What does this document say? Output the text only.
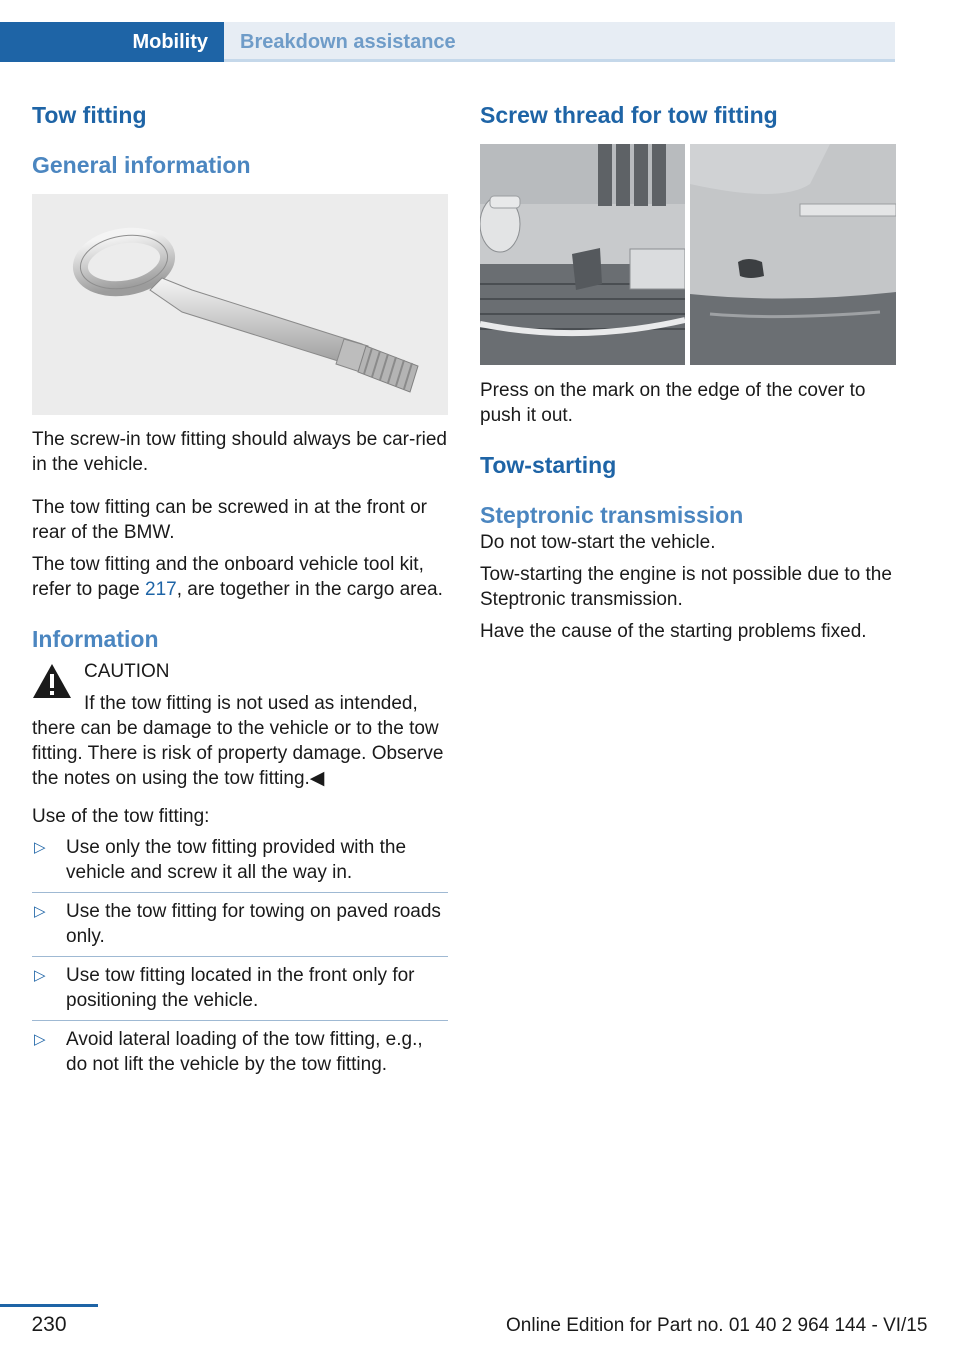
Mobility	Breakdown assistance
Tow fitting
General information

The screw-in tow fitting should always be car‐ried in the vehicle.

The tow fitting can be screwed in at the front or rear of the BMW.

The tow fitting and the onboard vehicle tool kit, refer to page 217, are together in the cargo area.

Information

CAUTION

If the tow fitting is not used as intended,

there can be damage to the vehicle or to the tow fitting. There is risk of property damage. Observe the notes on using the tow fitting.◀

Use of the tow fitting:

▷ Use only the tow fitting provided with the vehicle and screw it all the way in.
▷ Use the tow fitting for towing on paved roads only.
▷ Use tow fitting located in the front only for positioning the vehicle.
▷ Avoid lateral loading of the tow fitting, e.g., do not lift the vehicle by the tow fitting.
Screw thread for tow fitting

Press on the mark on the edge of the cover to push it out.

Tow-starting
Steptronic transmission

Do not tow-start the vehicle.

Tow-starting the engine is not possible due to the Steptronic transmission.

Have the cause of the starting problems fixed.

230	Online Edition for Part no. 01 40 2 964 144 - VI/15
